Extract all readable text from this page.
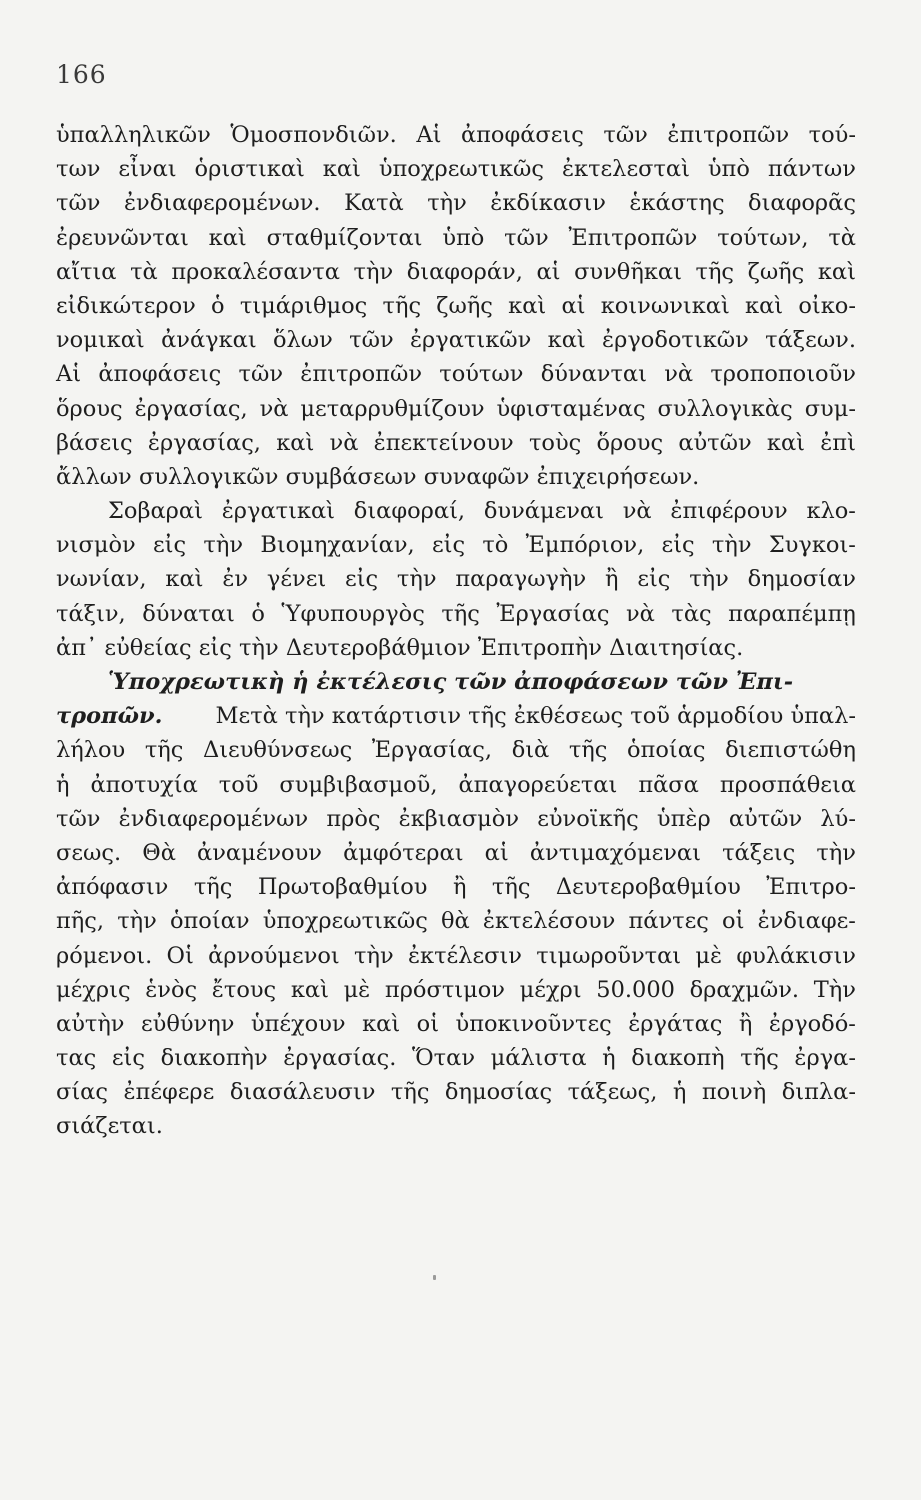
166
ὑπαλληλικῶν Ὁμοσπονδιῶν. Αἱ ἀποφάσεις τῶν ἐπιτροπῶν τού-
των εἶναι ὁριστικαὶ καὶ ὑποχρεωτικῶς ἐκτελεσταὶ ὑπὸ πάντων
τῶν ἐνδιαφερομένων. Κατὰ τὴν ἐκδίκασιν ἑκάστης διαφορᾶς
ἐρευνῶνται καὶ σταθμίζονται ὑπὸ τῶν Ἐπιτροπῶν τούτων, τὰ
αἴτια τὰ προκαλέσαντα τὴν διαφοράν, αἱ συνθῆκαι τῆς ζωῆς καὶ
εἰδικώτερον ὁ τιμάριθμος τῆς ζωῆς καὶ αἱ κοινωνικαὶ καὶ οἰκο-
νομικαὶ ἀνάγκαι ὅλων τῶν ἐργατικῶν καὶ ἐργοδοτικῶν τάξεων.
Αἱ ἀποφάσεις τῶν ἐπιτροπῶν τούτων δύνανται νὰ τροποποιοῦν
ὅρους ἐργασίας, νὰ μεταρρυθμίζουν ὑφισταμένας συλλογικὰς συμ-
βάσεις ἐργασίας, καὶ νὰ ἐπεκτείνουν τοὺς ὅρους αὐτῶν καὶ ἐπὶ
ἄλλων συλλογικῶν συμβάσεων συναφῶν ἐπιχειρήσεων.
Σοβαραὶ ἐργατικαὶ διαφοραί, δυνάμεναι νὰ ἐπιφέρουν κλο-
νισμὸν εἰς τὴν Βιομηχανίαν, εἰς τὸ Ἐμπόριον, εἰς τὴν Συγκοι-
νωνίαν, καὶ ἐν γένει εἰς τὴν παραγωγὴν ἢ εἰς τὴν δημοσίαν
τάξιν, δύναται ὁ Ὑφυπουργὸς τῆς Ἐργασίας νὰ τὰς παραπέμπῃ
ἀπ᾿ εὐθείας εἰς τὴν Δευτεροβάθμιον Ἐπιτροπὴν Διαιτησίας.
Ὑποχρεωτικὴ ἡ ἐκτέλεσις τῶν ἀποφάσεων τῶν Ἐπι-
τροπῶν. Μετὰ τὴν κατάρτισιν τῆς ἐκθέσεως τοῦ ἁρμοδίου ὑπαλ-
λήλου τῆς Διευθύνσεως Ἐργασίας, διὰ τῆς ὁποίας διεπιστώθη
ἡ ἀποτυχία τοῦ συμβιβασμοῦ, ἀπαγορεύεται πᾶσα προσπάθεια
τῶν ἐνδιαφερομένων πρὸς ἐκβιασμὸν εὐνοϊκῆς ὑπὲρ αὐτῶν λύ-
σεως. Θὰ ἀναμένουν ἀμφότεραι αἱ ἀντιμαχόμεναι τάξεις τὴν
ἀπόφασιν τῆς Πρωτοβαθμίου ἢ τῆς Δευτεροβαθμίου Ἐπιτρο-
πῆς, τὴν ὁποίαν ὑποχρεωτικῶς θὰ ἐκτελέσουν πάντες οἱ ἐνδιαφε-
ρόμενοι. Οἱ ἀρνούμενοι τὴν ἐκτέλεσιν τιμωροῦνται μὲ φυλάκισιν
μέχρις ἑνὸς ἔτους καὶ μὲ πρόστιμον μέχρι 50.000 δραχμῶν. Τὴν
αὐτὴν εὐθύνην ὑπέχουν καὶ οἱ ὑποκινοῦντες ἐργάτας ἢ ἐργοδό-
τας εἰς διακοπὴν ἐργασίας. Ὅταν μάλιστα ἡ διακοπὴ τῆς ἐργα-
σίας ἐπέφερε διασάλευσιν τῆς δημοσίας τάξεως, ἡ ποινὴ διπλα-
σιάζεται.
